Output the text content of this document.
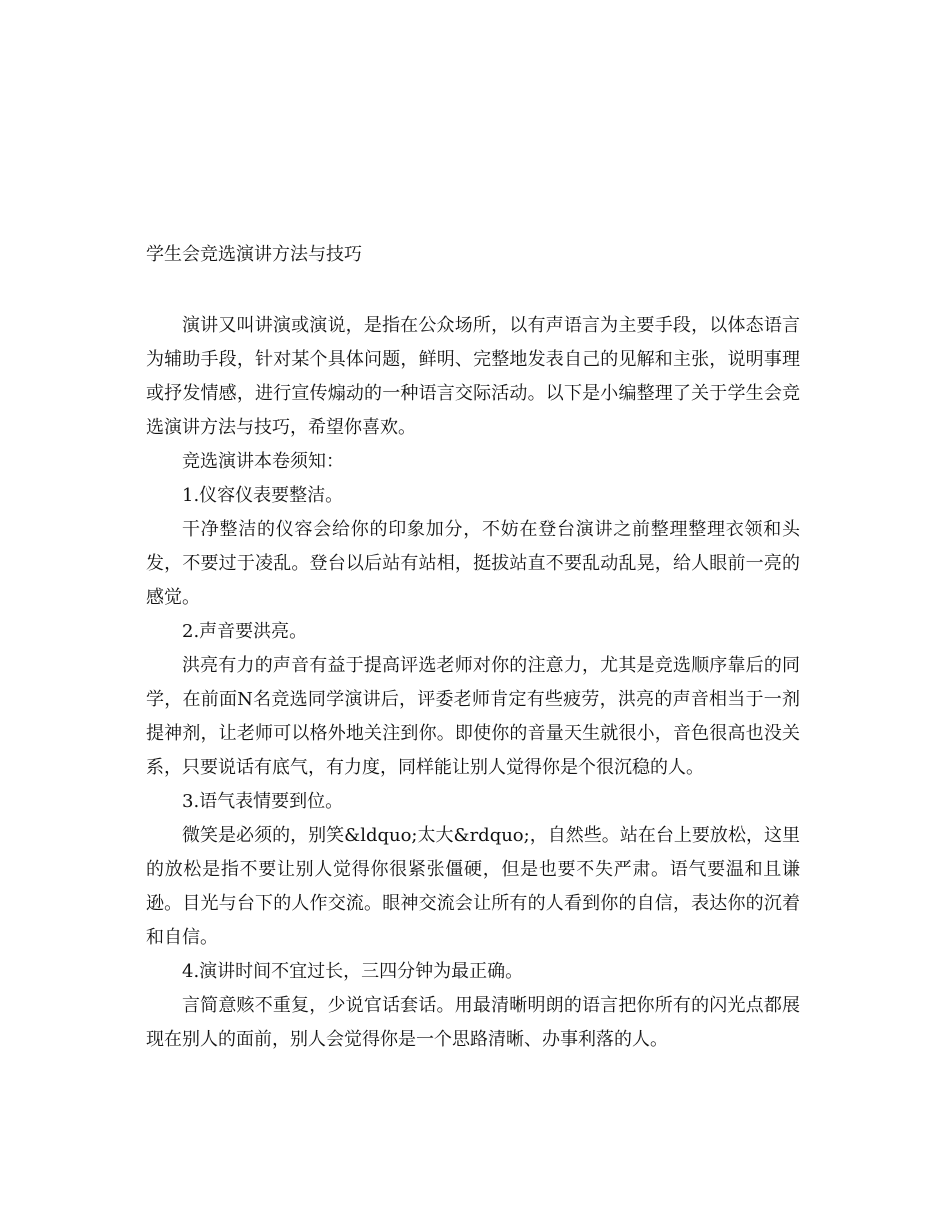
学生会竞选演讲方法与技巧

演讲又叫讲演或演说，是指在公众场所，以有声语言为主要手段，以体态语言为辅助手段，针对某个具体问题，鲜明、完整地发表自己的见解和主张，说明事理或抒发情感，进行宣传煽动的一种语言交际活动。以下是小编整理了关于学生会竞选演讲方法与技巧，希望你喜欢。

竞选演讲本卷须知：

1.仪容仪表要整洁。

干净整洁的仪容会给你的印象加分，不妨在登台演讲之前整理整理衣领和头发，不要过于凌乱。登台以后站有站相，挺拔站直不要乱动乱晃，给人眼前一亮的感觉。

2.声音要洪亮。

洪亮有力的声音有益于提高评选老师对你的注意力，尤其是竞选顺序靠后的同学，在前面N名竞选同学演讲后，评委老师肯定有些疲劳，洪亮的声音相当于一剂提神剂，让老师可以格外地关注到你。即使你的音量天生就很小，音色很高也没关系，只要说话有底气，有力度，同样能让别人觉得你是个很沉稳的人。

3.语气表情要到位。

微笑是必须的，别笑&ldquo;太大&rdquo;，自然些。站在台上要放松，这里的放松是指不要让别人觉得你很紧张僵硬，但是也要不失严肃。语气要温和且谦逊。目光与台下的人作交流。眼神交流会让所有的人看到你的自信，表达你的沉着和自信。

4.演讲时间不宜过长，三四分钟为最正确。

言简意赅不重复，少说官话套话。用最清晰明朗的语言把你所有的闪光点都展现在别人的面前，别人会觉得你是一个思路清晰、办事利落的人。
